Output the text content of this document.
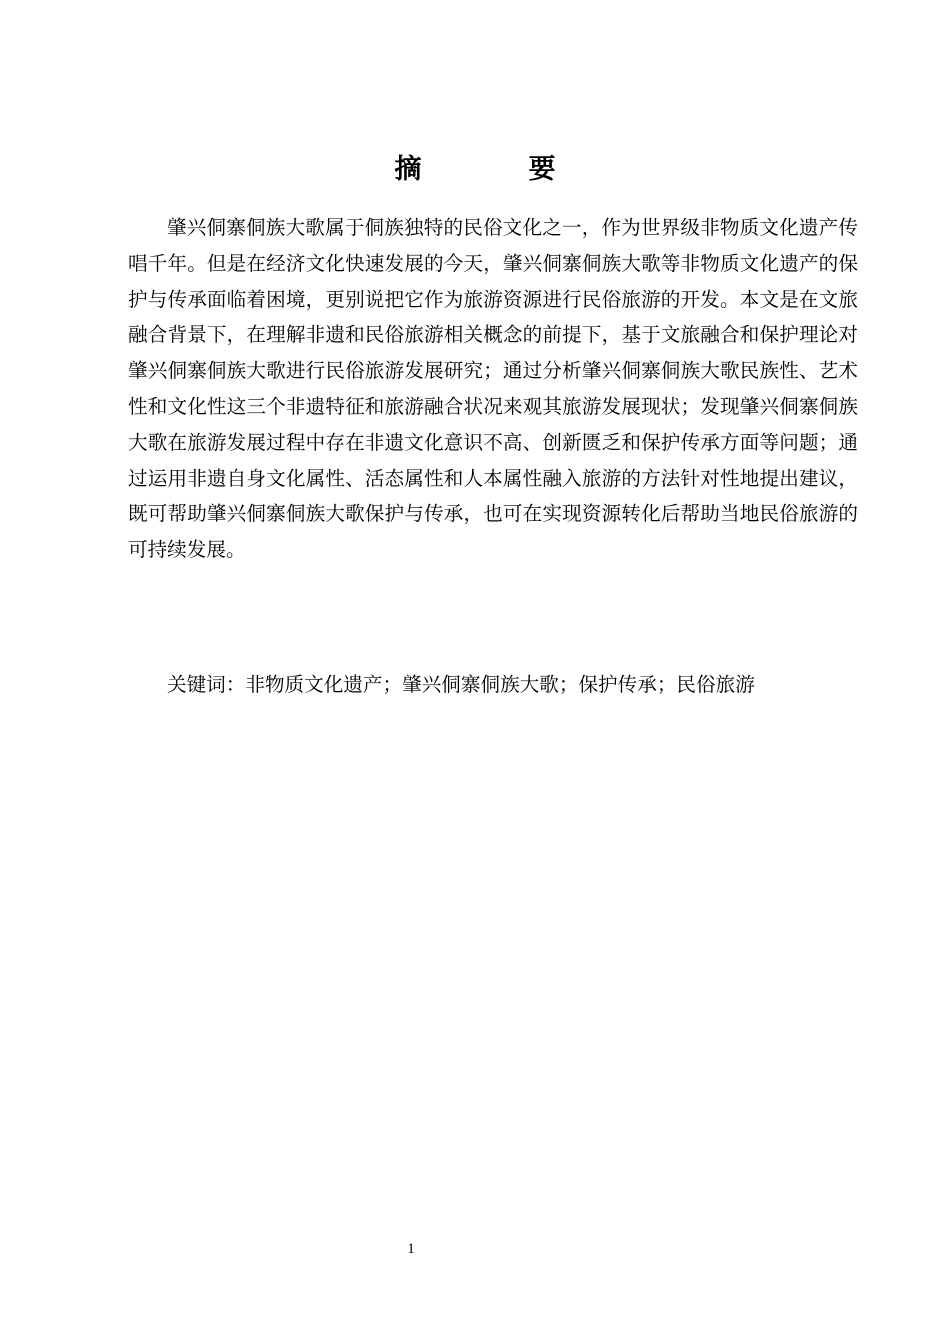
摘　要

肇兴侗寨侗族大歌属于侗族独特的民俗文化之一，作为世界级非物质文化遗产传唱千年。但是在经济文化快速发展的今天，肇兴侗寨侗族大歌等非物质文化遗产的保护与传承面临着困境，更别说把它作为旅游资源进行民俗旅游的开发。本文是在文旅融合背景下，在理解非遗和民俗旅游相关概念的前提下，基于文旅融合和保护理论对肇兴侗寨侗族大歌进行民俗旅游发展研究；通过分析肇兴侗寨侗族大歌民族性、艺术性和文化性这三个非遗特征和旅游融合状况来观其旅游发展现状；发现肇兴侗寨侗族大歌在旅游发展过程中存在非遗文化意识不高、创新匮乏和保护传承方面等问题；通过运用非遗自身文化属性、活态属性和人本属性融入旅游的方法针对性地提出建议，既可帮助肇兴侗寨侗族大歌保护与传承，也可在实现资源转化后帮助当地民俗旅游的可持续发展。

关键词：非物质文化遗产；肇兴侗寨侗族大歌；保护传承；民俗旅游

1
